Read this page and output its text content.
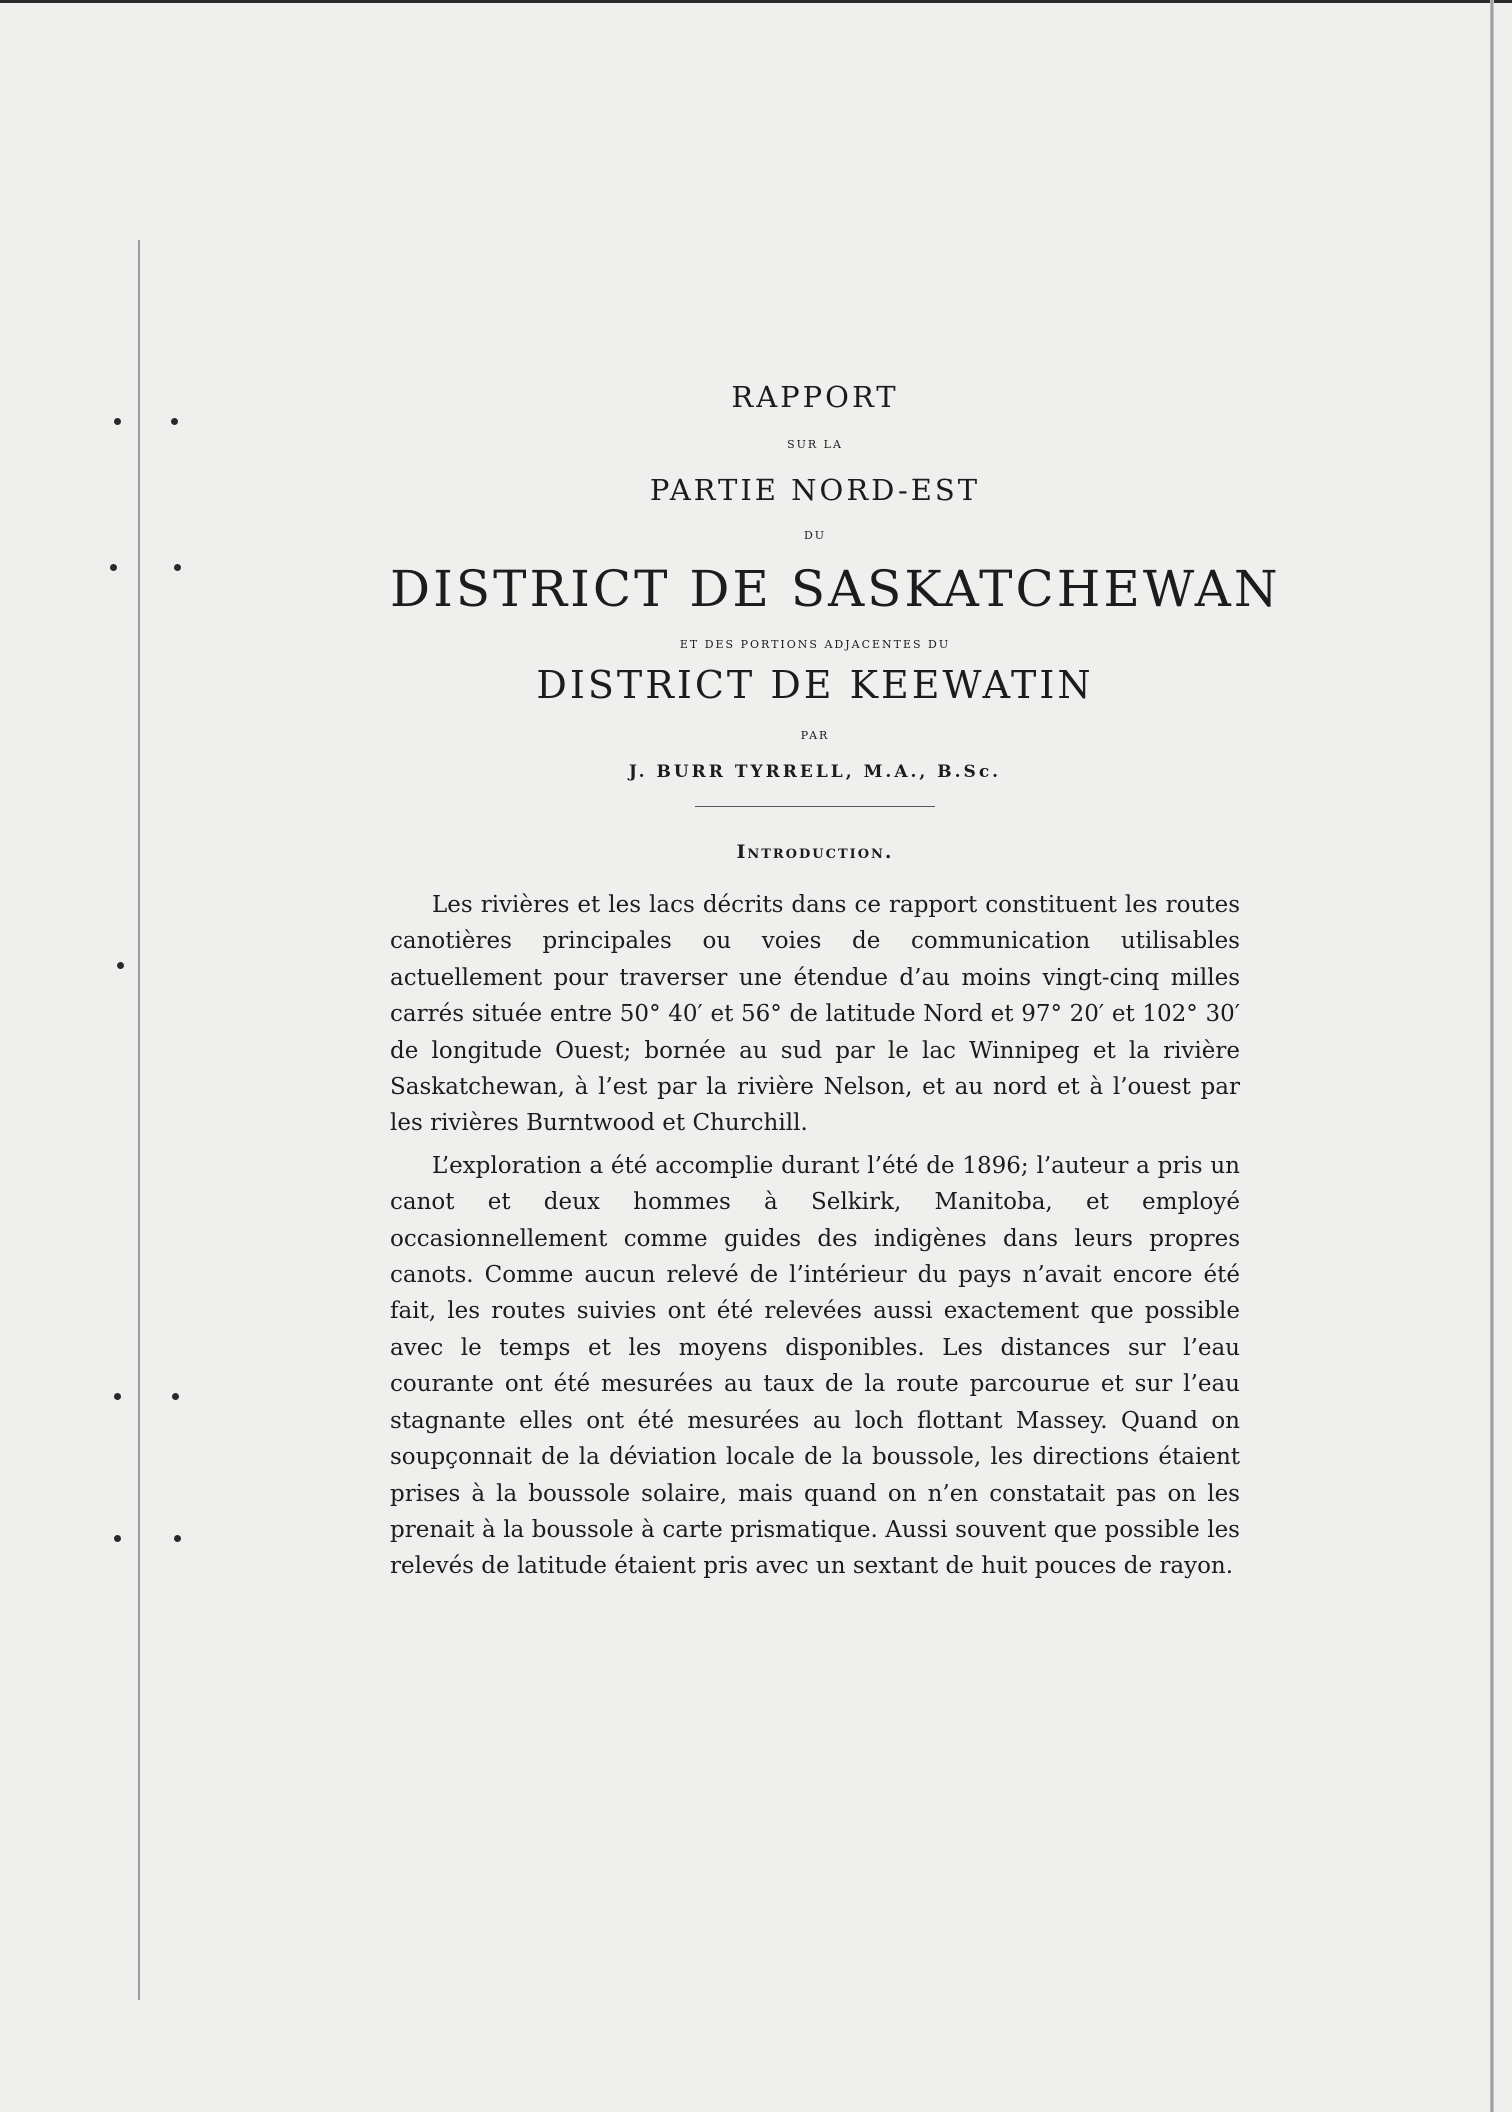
RAPPORT

SUR LA

PARTIE NORD-EST

DU

DISTRICT DE SASKATCHEWAN

ET DES PORTIONS ADJACENTES DU

DISTRICT DE KEEWATIN

PAR

J. BURR TYRRELL, M.A., B.Sc.

Introduction.

Les rivières et les lacs décrits dans ce rapport constituent les routes canotières principales ou voies de communication utilisables actuellement pour traverser une étendue d’au moins vingt-cinq milles carrés située entre 50° 40′ et 56° de latitude Nord et 97° 20′ et 102° 30′ de longitude Ouest; bornée au sud par le lac Winnipeg et la rivière Saskatchewan, à l’est par la rivière Nelson, et au nord et à l’ouest par les rivières Burntwood et Churchill.

L’exploration a été accomplie durant l’été de 1896; l’auteur a pris un canot et deux hommes à Selkirk, Manitoba, et employé occasionnellement comme guides des indigènes dans leurs propres canots. Comme aucun relevé de l’intérieur du pays n’avait encore été fait, les routes suivies ont été relevées aussi exactement que possible avec le temps et les moyens disponibles. Les distances sur l’eau courante ont été mesurées au taux de la route parcourue et sur l’eau stagnante elles ont été mesurées au loch flottant Massey. Quand on soupçonnait de la déviation locale de la boussole, les directions étaient prises à la boussole solaire, mais quand on n’en constatait pas on les prenait à la boussole à carte prismatique. Aussi souvent que possible les relevés de latitude étaient pris avec un sextant de huit pouces de rayon.
